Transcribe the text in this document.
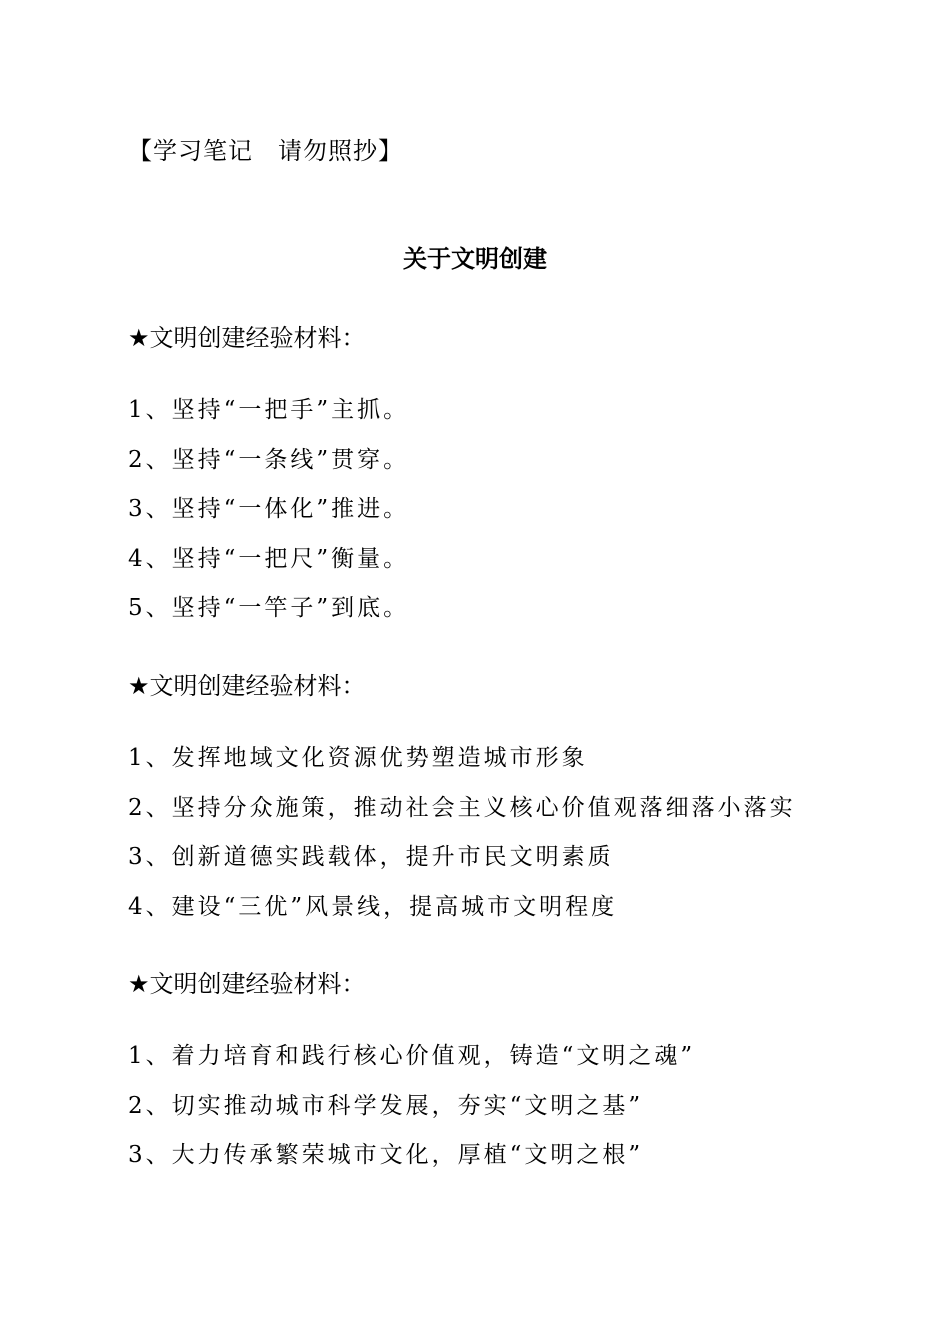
【学习笔记　请勿照抄】
关于文明创建
★文明创建经验材料：
1、坚持“一把手”主抓。
2、坚持“一条线”贯穿。
3、坚持“一体化”推进。
4、坚持“一把尺”衡量。
5、坚持“一竿子”到底。
★文明创建经验材料：
1、发挥地域文化资源优势塑造城市形象
2、坚持分众施策，推动社会主义核心价值观落细落小落实
3、创新道德实践载体，提升市民文明素质
4、建设“三优”风景线，提高城市文明程度
★文明创建经验材料：
1、着力培育和践行核心价值观，铸造“文明之魂”
2、切实推动城市科学发展，夯实“文明之基”
3、大力传承繁荣城市文化，厚植“文明之根”
